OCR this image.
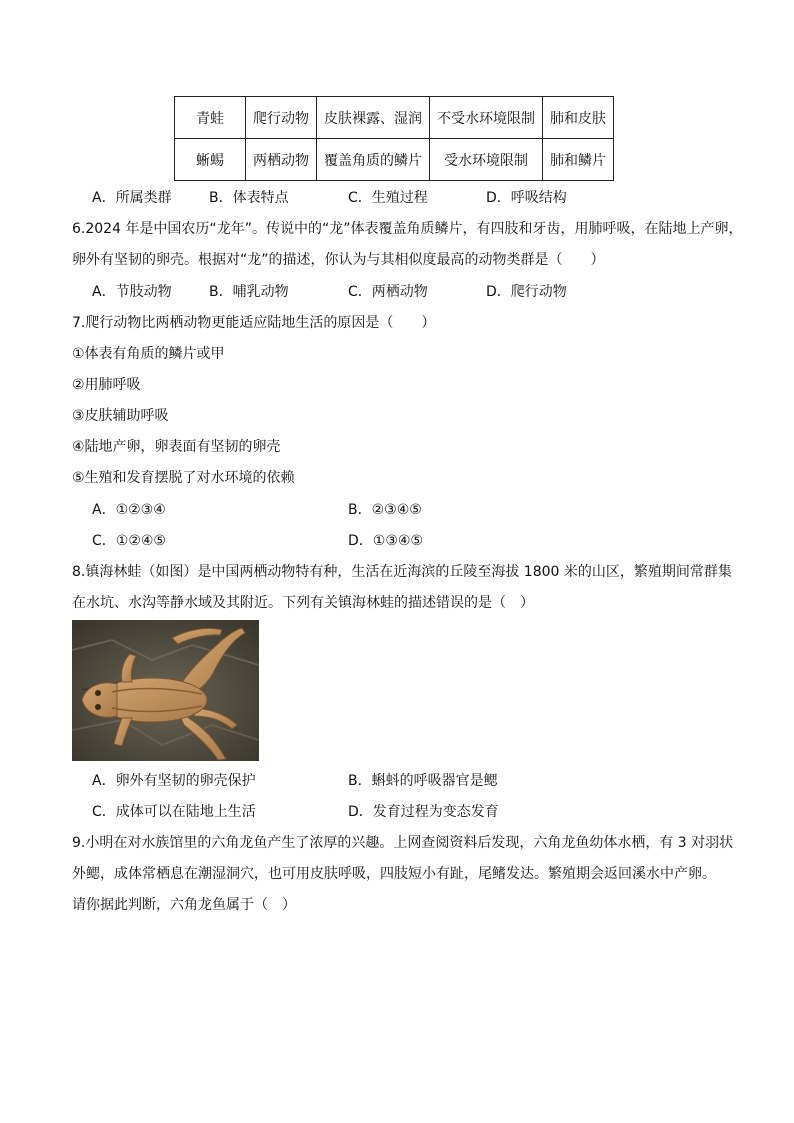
青蛙	爬行动物	皮肤裸露、湿润	不受水环境限制	肺和皮肤
蜥蜴	两栖动物	覆盖角质的鳞片	受水环境限制	肺和鳞片
A．所属类群	B．体表特点	C．生殖过程	D．呼吸结构
6.2024 年是中国农历“龙年”。传说中的“龙”体表覆盖角质鳞片，有四肢和牙齿，用肺呼吸，在陆地上产卵，
卵外有坚韧的卵壳。根据对“龙”的描述，你认为与其相似度最高的动物类群是（　　）
A．节肢动物	B．哺乳动物	C．两栖动物	D．爬行动物
7.爬行动物比两栖动物更能适应陆地生活的原因是（　　）
①体表有角质的鳞片或甲
②用肺呼吸
③皮肤辅助呼吸
④陆地产卵，卵表面有坚韧的卵壳
⑤生殖和发育摆脱了对水环境的依赖
A．①②③④	B．②③④⑤
C．①②④⑤	D．①③④⑤
8.镇海林蛙（如图）是中国两栖动物特有种，生活在近海滨的丘陵至海拔 1800 米的山区，繁殖期间常群集
在水坑、水沟等静水域及其附近。下列有关镇海林蛙的描述错误的是（　）
A．卵外有坚韧的卵壳保护	B．蝌蚪的呼吸器官是鳃
C．成体可以在陆地上生活	D．发育过程为变态发育
9.小明在对水族馆里的六角龙鱼产生了浓厚的兴趣。上网查阅资料后发现，六角龙鱼幼体水栖，有 3 对羽状
外鳃，成体常栖息在潮湿洞穴，也可用皮肤呼吸，四肢短小有趾，尾鳍发达。繁殖期会返回溪水中产卵。
请你据此判断，六角龙鱼属于（　）
